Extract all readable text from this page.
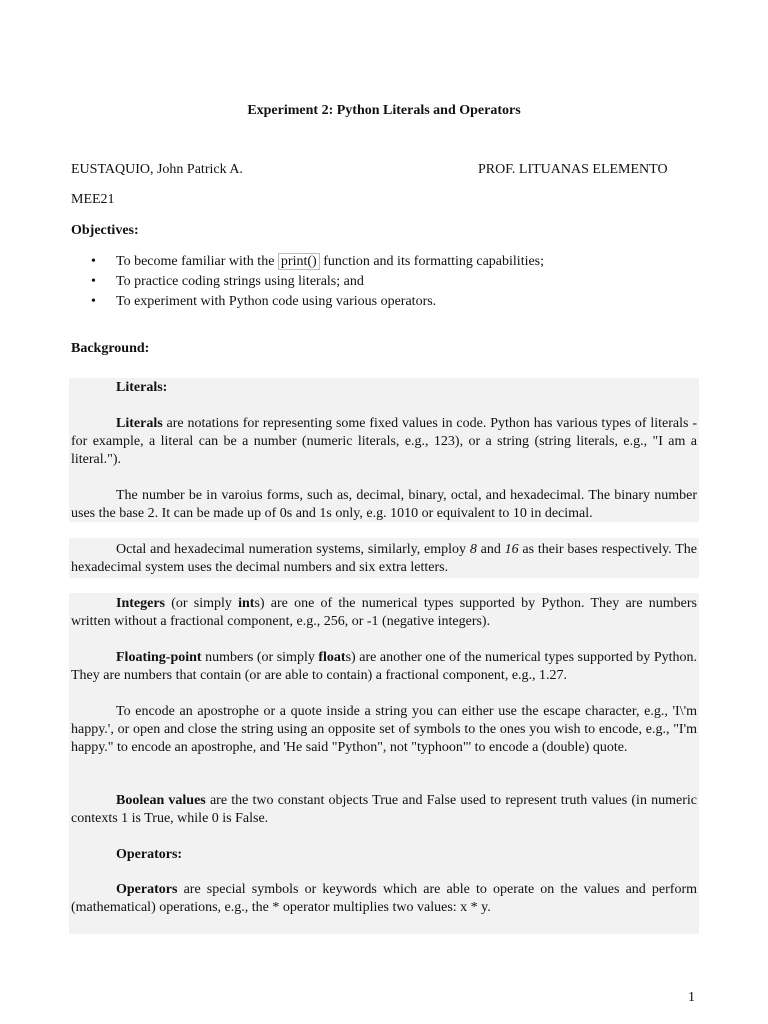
Experiment 2: Python Literals and Operators
EUSTAQUIO, John Patrick A.	PROF. LITUANAS ELEMENTO
MEE21
Objectives:
• To become familiar with the print() function and its formatting capabilities;
• To practice coding strings using literals; and
• To experiment with Python code using various operators.
Background:
Literals:
Literals are notations for representing some fixed values in code. Python has various types of literals - for example, a literal can be a number (numeric literals, e.g., 123), or a string (string literals, e.g., "I am a literal.").
The number be in varoius forms, such as, decimal, binary, octal, and hexadecimal. The binary number uses the base 2. It can be made up of 0s and 1s only, e.g. 1010 or equivalent to 10 in decimal.
Octal and hexadecimal numeration systems, similarly, employ 8 and 16 as their bases respectively. The hexadecimal system uses the decimal numbers and six extra letters.
Integers (or simply ints) are one of the numerical types supported by Python. They are numbers written without a fractional component, e.g., 256, or -1 (negative integers).
Floating-point numbers (or simply floats) are another one of the numerical types supported by Python. They are numbers that contain (or are able to contain) a fractional component, e.g., 1.27.
To encode an apostrophe or a quote inside a string you can either use the escape character, e.g., 'I\'m happy.', or open and close the string using an opposite set of symbols to the ones you wish to encode, e.g., "I'm happy." to encode an apostrophe, and 'He said "Python", not "typhoon"' to encode a (double) quote.
Boolean values are the two constant objects True and False used to represent truth values (in numeric contexts 1 is True, while 0 is False.
Operators:
Operators are special symbols or keywords which are able to operate on the values and perform (mathematical) operations, e.g., the * operator multiplies two values: x * y.
1
